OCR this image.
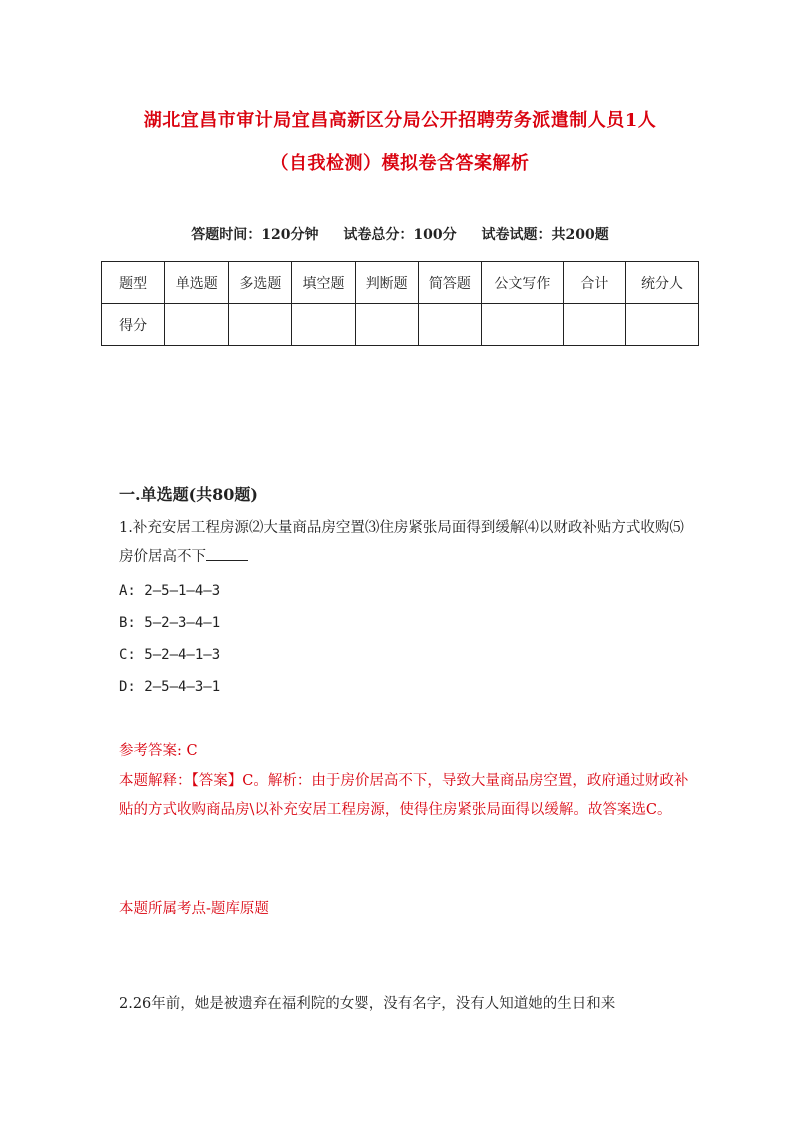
湖北宜昌市审计局宜昌高新区分局公开招聘劳务派遣制人员1人
（自我检测）模拟卷含答案解析
答题时间：120分钟 试卷总分：100分 试卷试题：共200题
题型	单选题	多选题	填空题	判断题	简答题	公文写作	合计	统分人
得分								
一.单选题(共80题)
1.补充安居工程房源⑵大量商品房空置⑶住房紧张局面得到缓解⑷以财政补贴方式收购⑸房价居高不下
A: 2—5—1—4—3
B: 5—2—3—4—1
C: 5—2—4—1—3
D: 2—5—4—3—1
参考答案: C
本题解释：【答案】C。解析：由于房价居高不下，导致大量商品房空置，政府通过财政补贴的方式收购商品房\以补充安居工程房源，使得住房紧张局面得以缓解。故答案选C。
本题所属考点-题库原题
2.26年前，她是被遗弃在福利院的女婴，没有名字，没有人知道她的生日和来
